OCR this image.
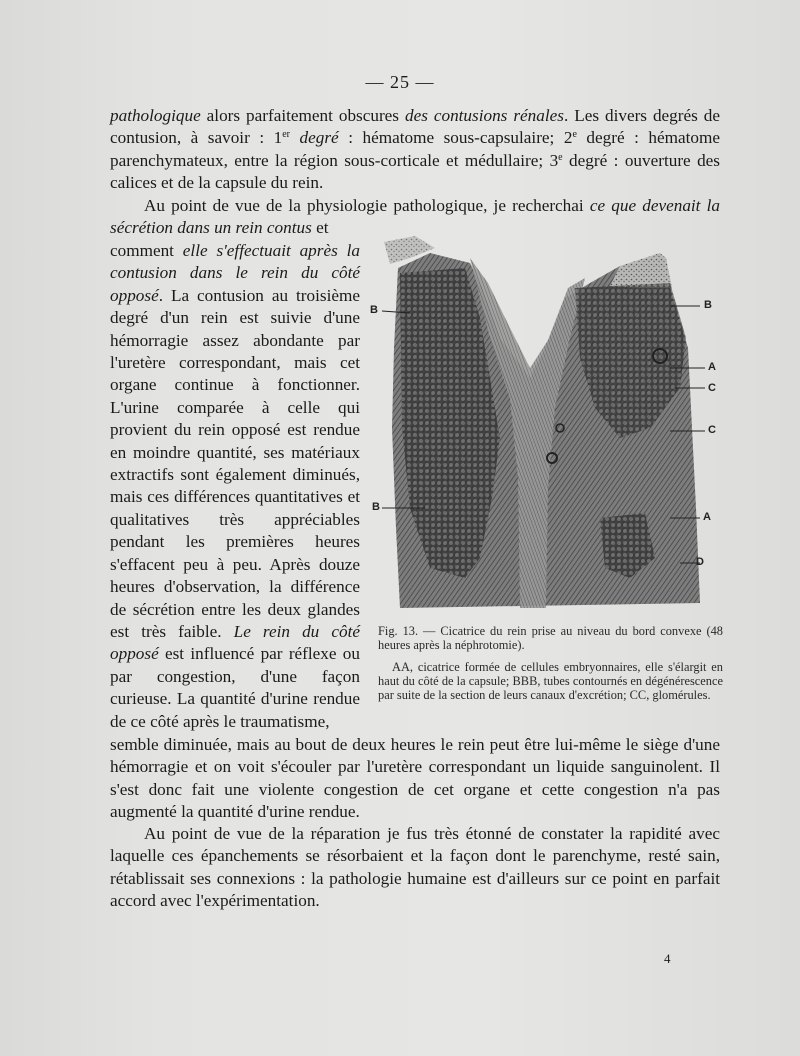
— 25 —

pathologique alors parfaitement obscures des contusions rénales. Les divers degrés de contusion, à savoir : 1er degré : hématome sous-capsulaire; 2e degré : hématome parenchymateux, entre la région sous-corticale et médullaire; 3e degré : ouverture des calices et de la capsule du rein.

Au point de vue de la physiologie pathologique, je recherchai ce que devenait la sécrétion dans un rein contus et

comment elle s'effectuait après la contusion dans le rein du côté opposé. La contusion au troisième degré d'un rein est suivie d'une hémorragie assez abondante par l'uretère correspondant, mais cet organe continue à fonctionner. L'urine comparée à celle qui provient du rein opposé est rendue en moindre quantité, ses matériaux extractifs sont également diminués, mais ces différences quantitatives et qualitatives très appréciables pendant les premières heures s'effacent peu à peu. Après douze heures d'observation, la différence de sécrétion entre les deux glandes est très faible. Le rein du côté opposé est influencé par réflexe ou par congestion, d'une façon curieuse. La quantité d'urine rendue de ce côté après le traumatisme,

B	B
A
C
C
B
A
D

Fig. 13. — Cicatrice du rein prise au niveau du bord convexe (48 heures après la néphrotomie).

AA, cicatrice formée de cellules embryonnaires, elle s'élargit en haut du côté de la capsule; BBB, tubes contournés en dégénérescence par suite de la section de leurs canaux d'excrétion; CC, glomérules.

semble diminuée, mais au bout de deux heures le rein peut être lui-même le siège d'une hémorragie et on voit s'écouler par l'uretère correspondant un liquide sanguinolent. Il s'est donc fait une violente congestion de cet organe et cette congestion n'a pas augmenté la quantité d'urine rendue.

Au point de vue de la réparation je fus très étonné de constater la rapidité avec laquelle ces épanchements se résorbaient et la façon dont le parenchyme, resté sain, rétablissait ses connexions : la pathologie humaine est d'ailleurs sur ce point en parfait accord avec l'expérimentation.

4
